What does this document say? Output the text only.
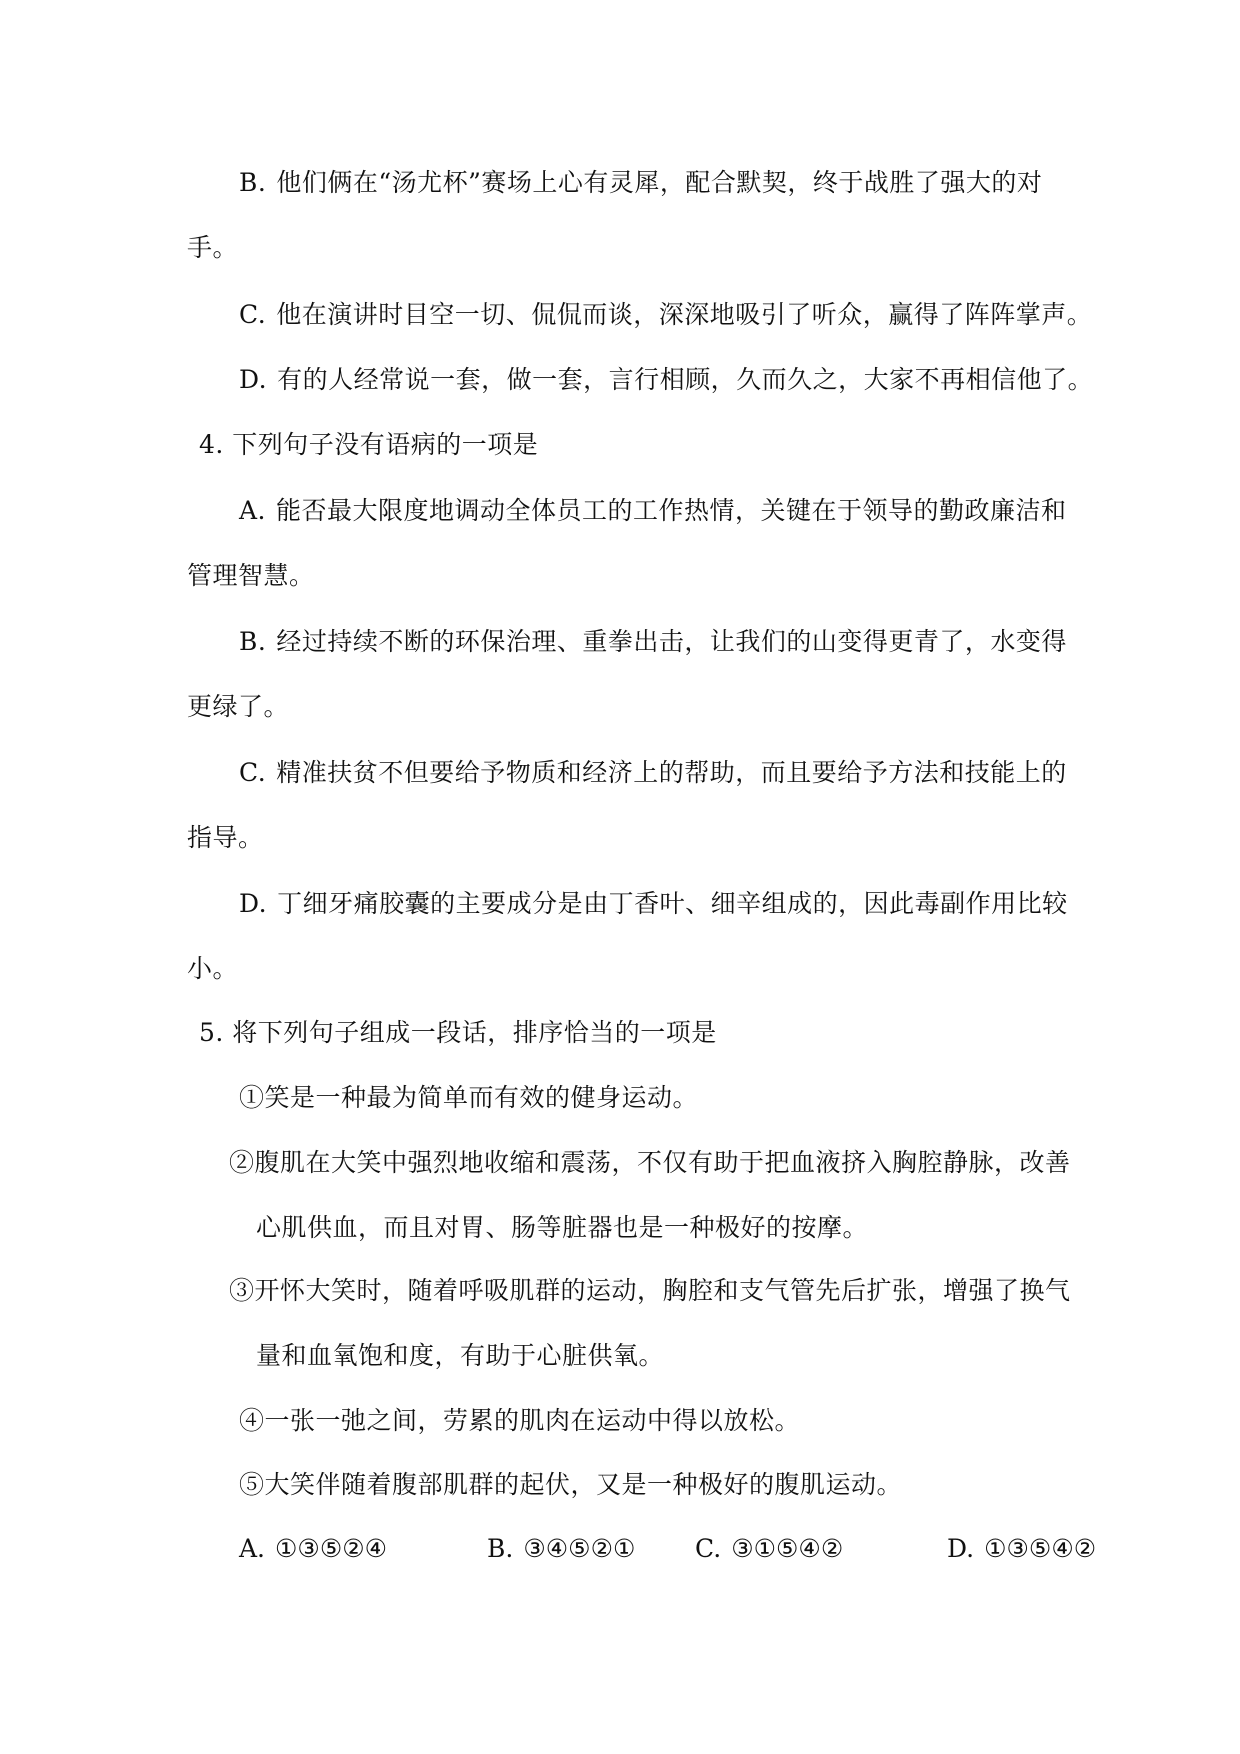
B. 他们俩在“汤尤杯”赛场上心有灵犀，配合默契，终于战胜了强大的对
手。
C. 他在演讲时目空一切、侃侃而谈，深深地吸引了听众，赢得了阵阵掌声。
D. 有的人经常说一套，做一套，言行相顾，久而久之，大家不再相信他了。
4. 下列句子没有语病的一项是
A. 能否最大限度地调动全体员工的工作热情，关键在于领导的勤政廉洁和
管理智慧。
B. 经过持续不断的环保治理、重拳出击，让我们的山变得更青了，水变得
更绿了。
C. 精准扶贫不但要给予物质和经济上的帮助，而且要给予方法和技能上的
指导。
D. 丁细牙痛胶囊的主要成分是由丁香叶、细辛组成的，因此毒副作用比较
小。
5. 将下列句子组成一段话，排序恰当的一项是
①笑是一种最为简单而有效的健身运动。
②腹肌在大笑中强烈地收缩和震荡，不仅有助于把血液挤入胸腔静脉，改善
心肌供血，而且对胃、肠等脏器也是一种极好的按摩。
③开怀大笑时，随着呼吸肌群的运动，胸腔和支气管先后扩张，增强了换气
量和血氧饱和度，有助于心脏供氧。
④一张一弛之间，劳累的肌肉在运动中得以放松。
⑤大笑伴随着腹部肌群的起伏，又是一种极好的腹肌运动。
A. ①③⑤②④	B. ③④⑤②① C. ③①⑤④②	D. ①③⑤④②
